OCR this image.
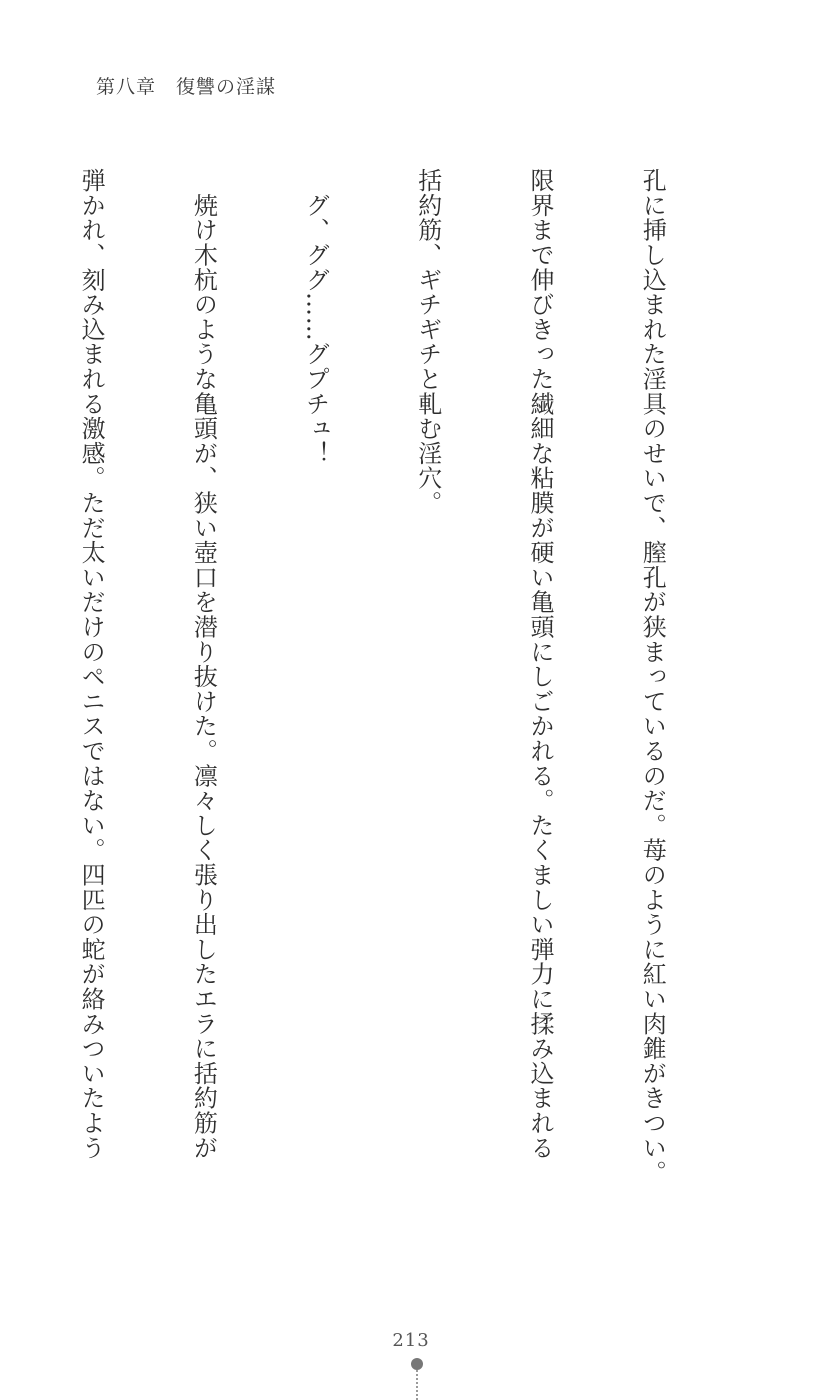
第八章　復讐の淫謀

孔に挿し込まれた淫具のせいで、膣孔が狭まっているのだ。苺のように紅い肉錐がきつい。

限界まで伸びきった繊細な粘膜が硬い亀頭にしごかれる。たくましい弾力に揉み込まれる

括約筋、ギチギチと軋む淫穴。

　グ、ググ……グプチュ！

　焼け木杭のような亀頭が、狭い壺口を潜り抜けた。凛々しく張り出したエラに括約筋が

弾かれ、刻み込まれる激感。ただ太いだけのペニスではない。四匹の蛇が絡みついたよう

213
